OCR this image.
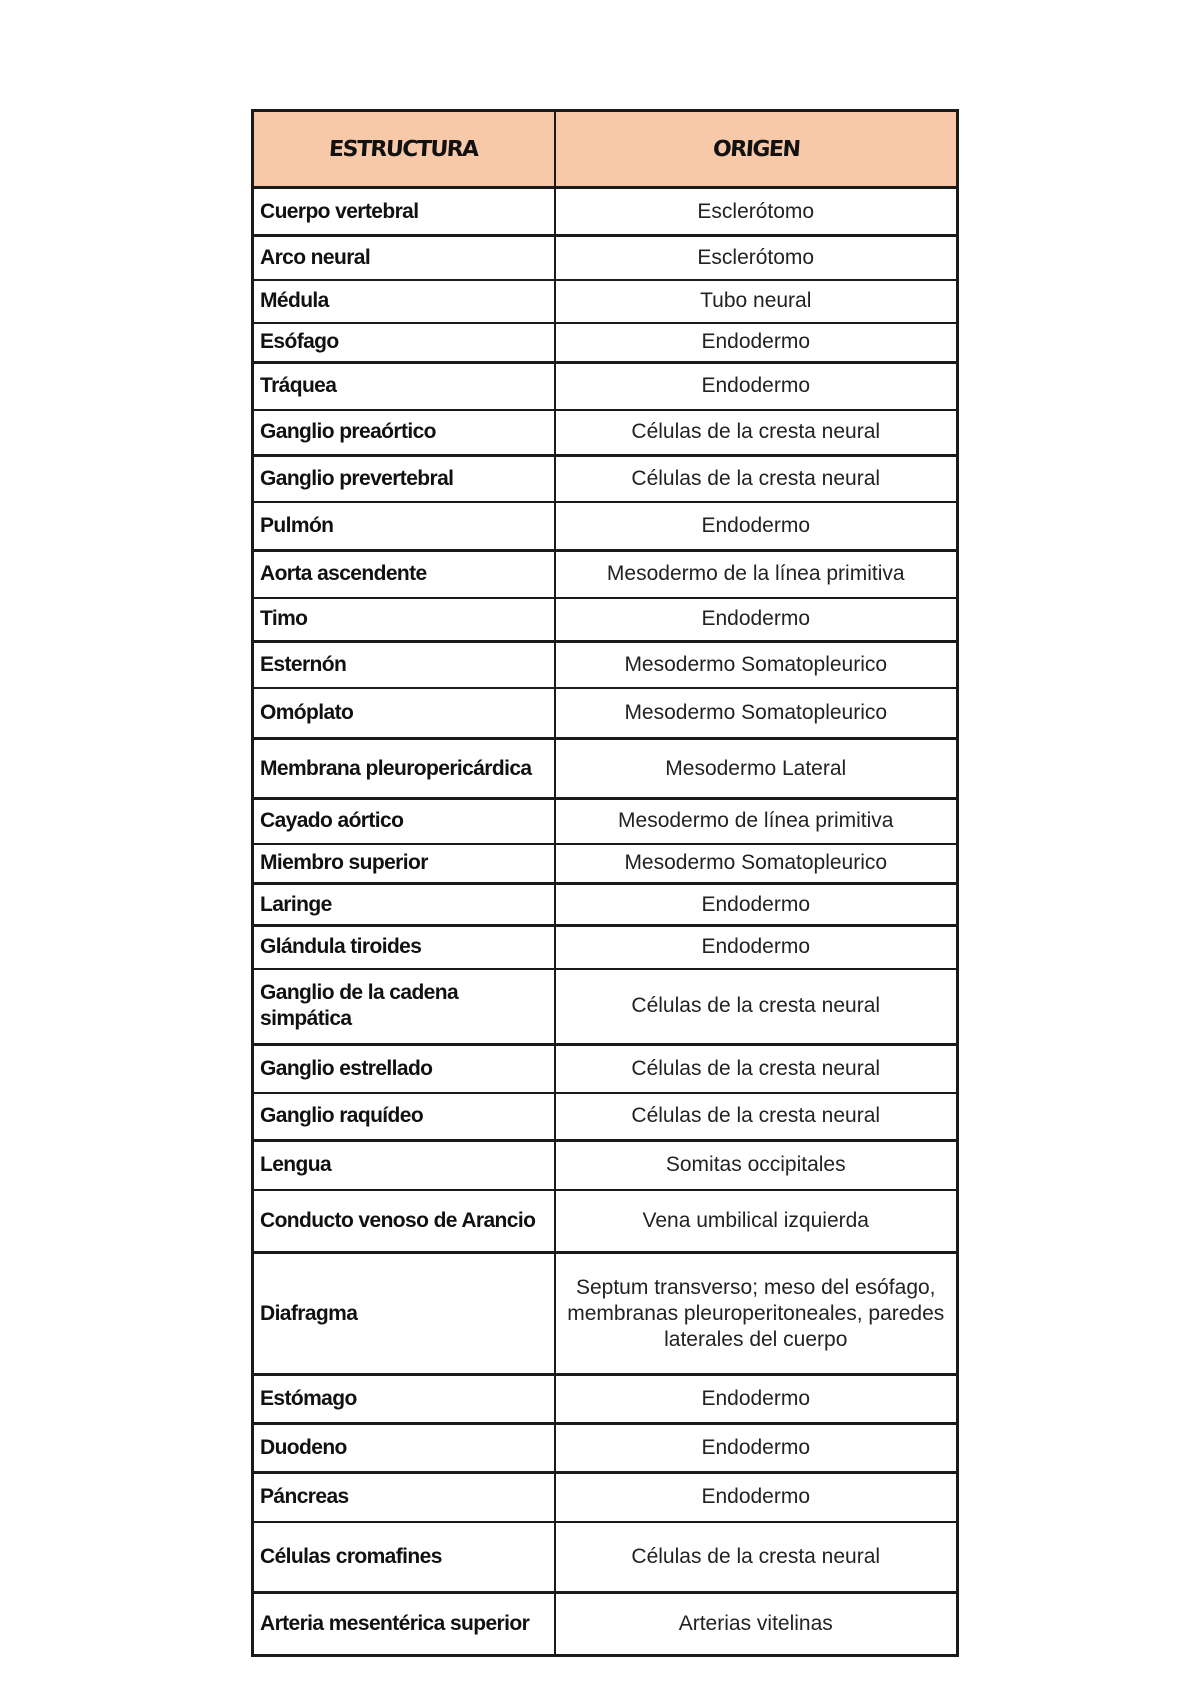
ESTRUCTURA	ORIGEN
Cuerpo vertebral	Esclerótomo
Arco neural	Esclerótomo
Médula	Tubo neural
Esófago	Endodermo
Tráquea	Endodermo
Ganglio preaórtico	Células de la cresta neural
Ganglio prevertebral	Células de la cresta neural
Pulmón	Endodermo
Aorta ascendente	Mesodermo de la línea primitiva
Timo	Endodermo
Esternón	Mesodermo Somatopleurico
Omóplato	Mesodermo Somatopleurico
Membrana pleuropericárdica	Mesodermo Lateral
Cayado aórtico	Mesodermo de línea primitiva
Miembro superior	Mesodermo Somatopleurico
Laringe	Endodermo
Glándula tiroides	Endodermo
Ganglio de la cadena simpática	Células de la cresta neural
Ganglio estrellado	Células de la cresta neural
Ganglio raquídeo	Células de la cresta neural
Lengua	Somitas occipitales
Conducto venoso de Arancio	Vena umbilical izquierda
Diafragma	Septum transverso; meso del esófago, membranas pleuroperitoneales, paredes laterales del cuerpo
Estómago	Endodermo
Duodeno	Endodermo
Páncreas	Endodermo
Células cromafines	Células de la cresta neural
Arteria mesentérica superior	Arterias vitelinas
